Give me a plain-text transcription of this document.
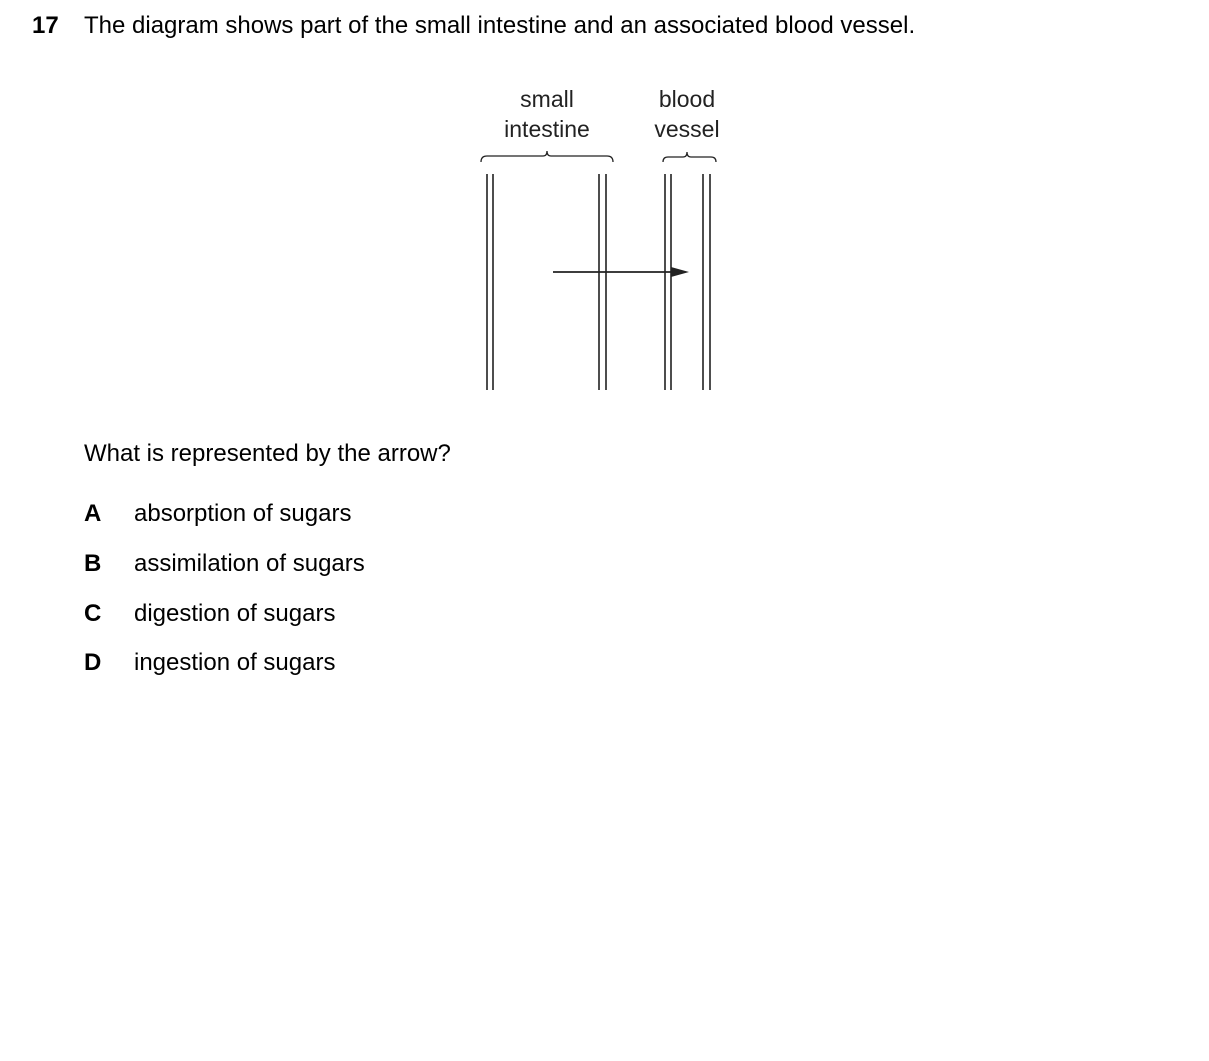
17 The diagram shows part of the small intestine and an associated blood vessel.
small
intestine
blood
vessel
What is represented by the arrow?
A absorption of sugars
B assimilation of sugars
C digestion of sugars
D ingestion of sugars
